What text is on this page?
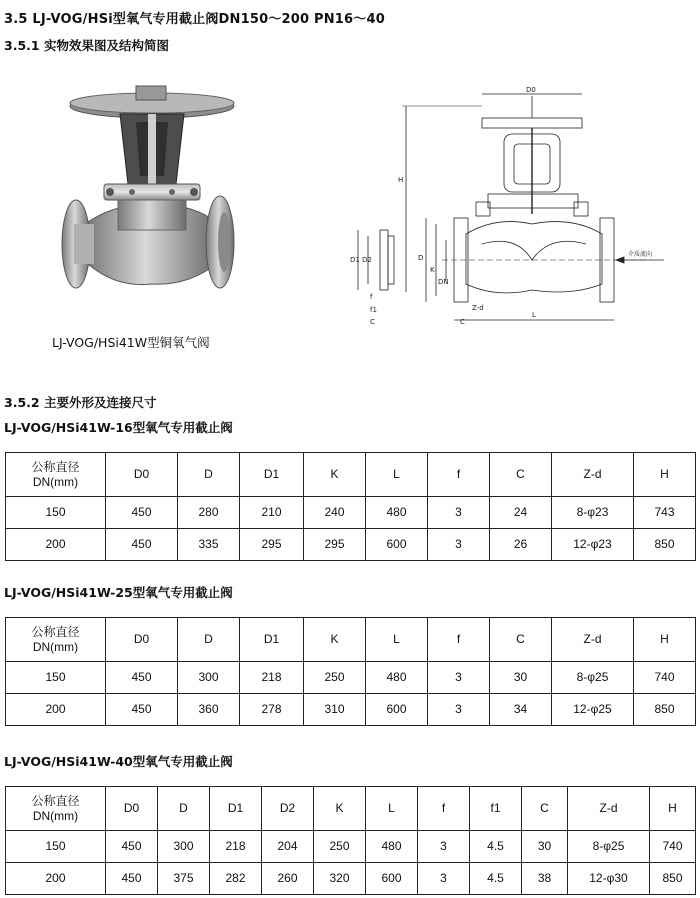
3.5 LJ-VOG/HSi型氧气专用截止阀DN150～200 PN16～40
3.5.1 实物效果图及结构简图
LJ-VOG/HSi41W型铜氧气阀
D0
H
介质流向
D1 D2
f
f1
C
D
K
DN
Z-d
C
L
3.5.2 主要外形及连接尺寸
LJ-VOG/HSi41W-16型氧气专用截止阀
公称直径
DN(mm)	D0	D	D1	K	L	f	C	Z-d	H
150	450	280	210	240	480	3	24	8-φ23	743
200	450	335	295	295	600	3	26	12-φ23	850
LJ-VOG/HSi41W-25型氧气专用截止阀
公称直径
DN(mm)	D0	D	D1	K	L	f	C	Z-d	H
150	450	300	218	250	480	3	30	8-φ25	740
200	450	360	278	310	600	3	34	12-φ25	850
LJ-VOG/HSi41W-40型氧气专用截止阀
公称直径
DN(mm)	D0	D	D1	D2	K	L	f	f1	C	Z-d	H
150	450	300	218	204	250	480	3	4.5	30	8-φ25	740
200	450	375	282	260	320	600	3	4.5	38	12-φ30	850
